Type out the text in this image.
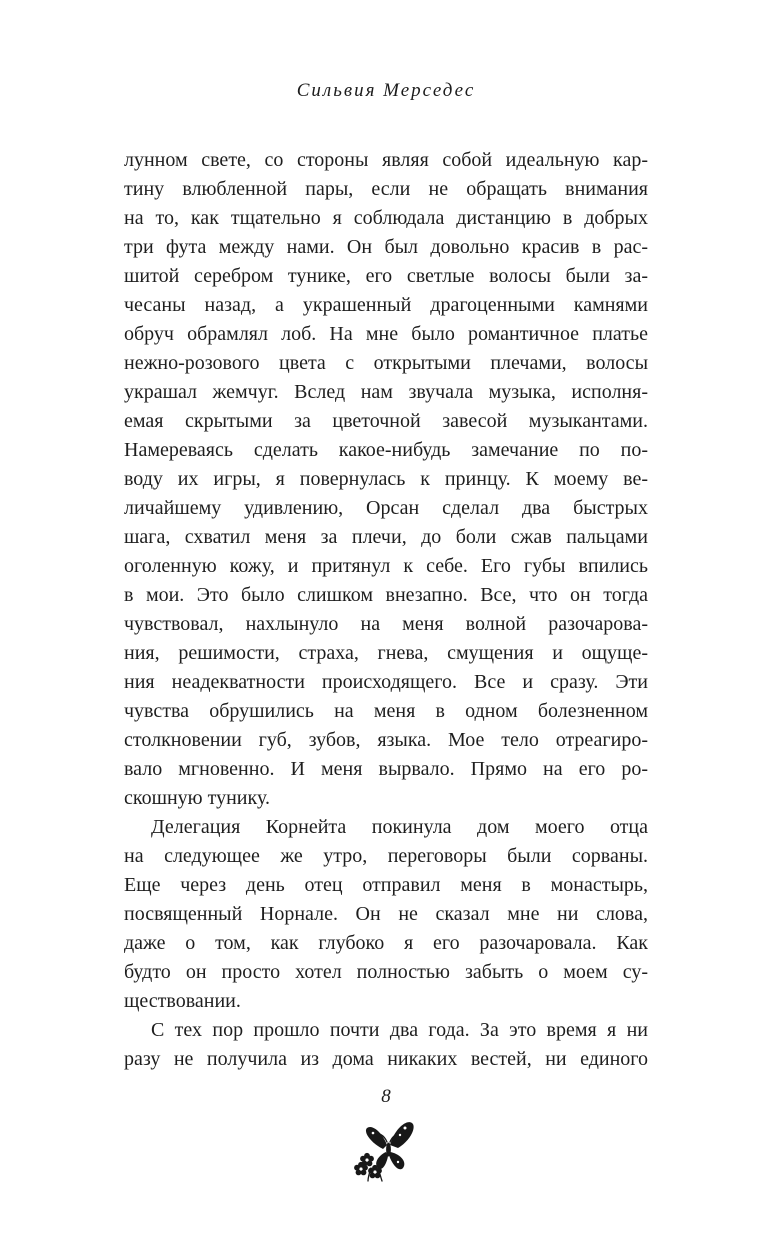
Сильвия Мерседес
лунном свете, со стороны являя собой идеальную кар-
тину влюбленной пары, если не обращать внимания
на то, как тщательно я соблюдала дистанцию в добрых
три фута между нами. Он был довольно красив в рас-
шитой серебром тунике, его светлые волосы были за-
чесаны назад, а украшенный драгоценными камнями
обруч обрамлял лоб. На мне было романтичное платье
нежно-розового цвета с открытыми плечами, волосы
украшал жемчуг. Вслед нам звучала музыка, исполня-
емая скрытыми за цветочной завесой музыкантами.
Намереваясь сделать какое-нибудь замечание по по-
воду их игры, я повернулась к принцу. К моему ве-
личайшему удивлению, Орсан сделал два быстрых
шага, схватил меня за плечи, до боли сжав пальцами
оголенную кожу, и притянул к себе. Его губы впились
в мои. Это было слишком внезапно. Все, что он тогда
чувствовал, нахлынуло на меня волной разочарова-
ния, решимости, страха, гнева, смущения и ощуще-
ния неадекватности происходящего. Все и сразу. Эти
чувства обрушились на меня в одном болезненном
столкновении губ, зубов, языка. Мое тело отреагиро-
вало мгновенно. И меня вырвало. Прямо на его ро-
скошную тунику.
Делегация Корнейта покинула дом моего отца
на следующее же утро, переговоры были сорваны.
Еще через день отец отправил меня в монастырь,
посвященный Норнале. Он не сказал мне ни слова,
даже о том, как глубоко я его разочаровала. Как
будто он просто хотел полностью забыть о моем су-
ществовании.
С тех пор прошло почти два года. За это время я ни
разу не получила из дома никаких вестей, ни единого
8
